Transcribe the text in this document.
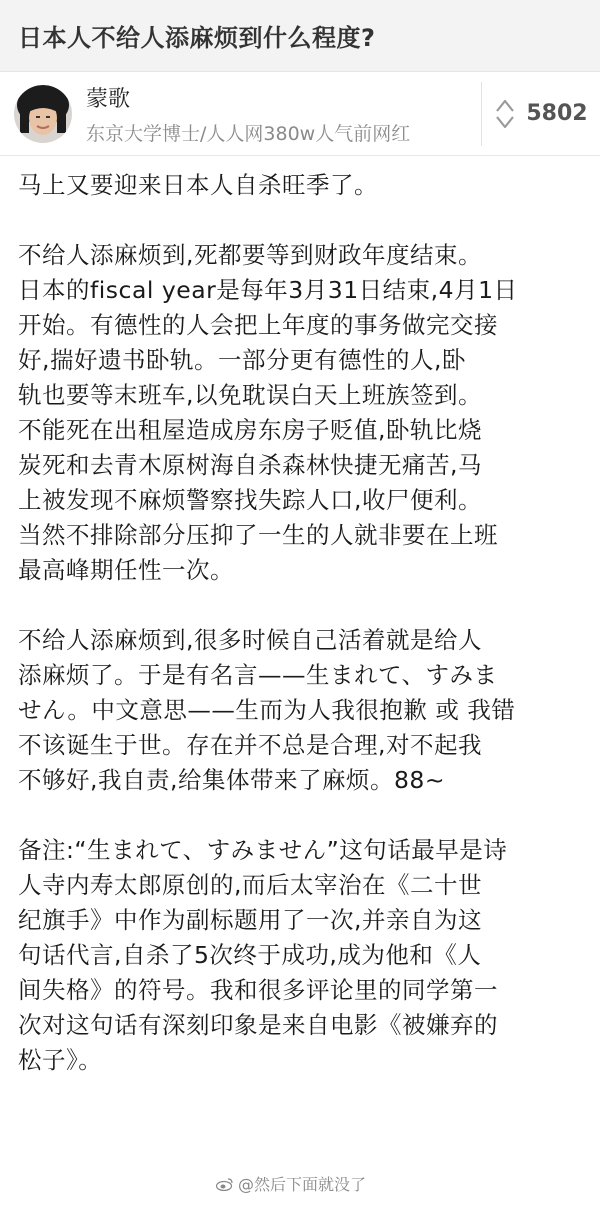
日本人不给人添麻烦到什么程度?
蒙歌
东京大学博士/人人网380w人气前网红
5802

马上又要迎来日本人自杀旺季了。

不给人添麻烦到,死都要等到财政年度结束。
日本的fiscal year是每年3月31日结束,4月1日
开始。有德性的人会把上年度的事务做完交接
好,揣好遗书卧轨。一部分更有德性的人,卧
轨也要等末班车,以免耽误白天上班族签到。
不能死在出租屋造成房东房子贬值,卧轨比烧
炭死和去青木原树海自杀森林快捷无痛苦,马
上被发现不麻烦警察找失踪人口,收尸便利。
当然不排除部分压抑了一生的人就非要在上班
最高峰期任性一次。

不给人添麻烦到,很多时候自己活着就是给人
添麻烦了。于是有名言——生まれて、すみま
せん。中文意思——生而为人我很抱歉 或 我错
不该诞生于世。存在并不总是合理,对不起我
不够好,我自责,给集体带来了麻烦。88~

备注:“生まれて、すみません”这句话最早是诗
人寺内寿太郎原创的,而后太宰治在《二十世
纪旗手》中作为副标题用了一次,并亲自为这
句话代言,自杀了5次终于成功,成为他和《人
间失格》的符号。我和很多评论里的同学第一
次对这句话有深刻印象是来自电影《被嫌弃的
松子》。

@然后下面就没了
